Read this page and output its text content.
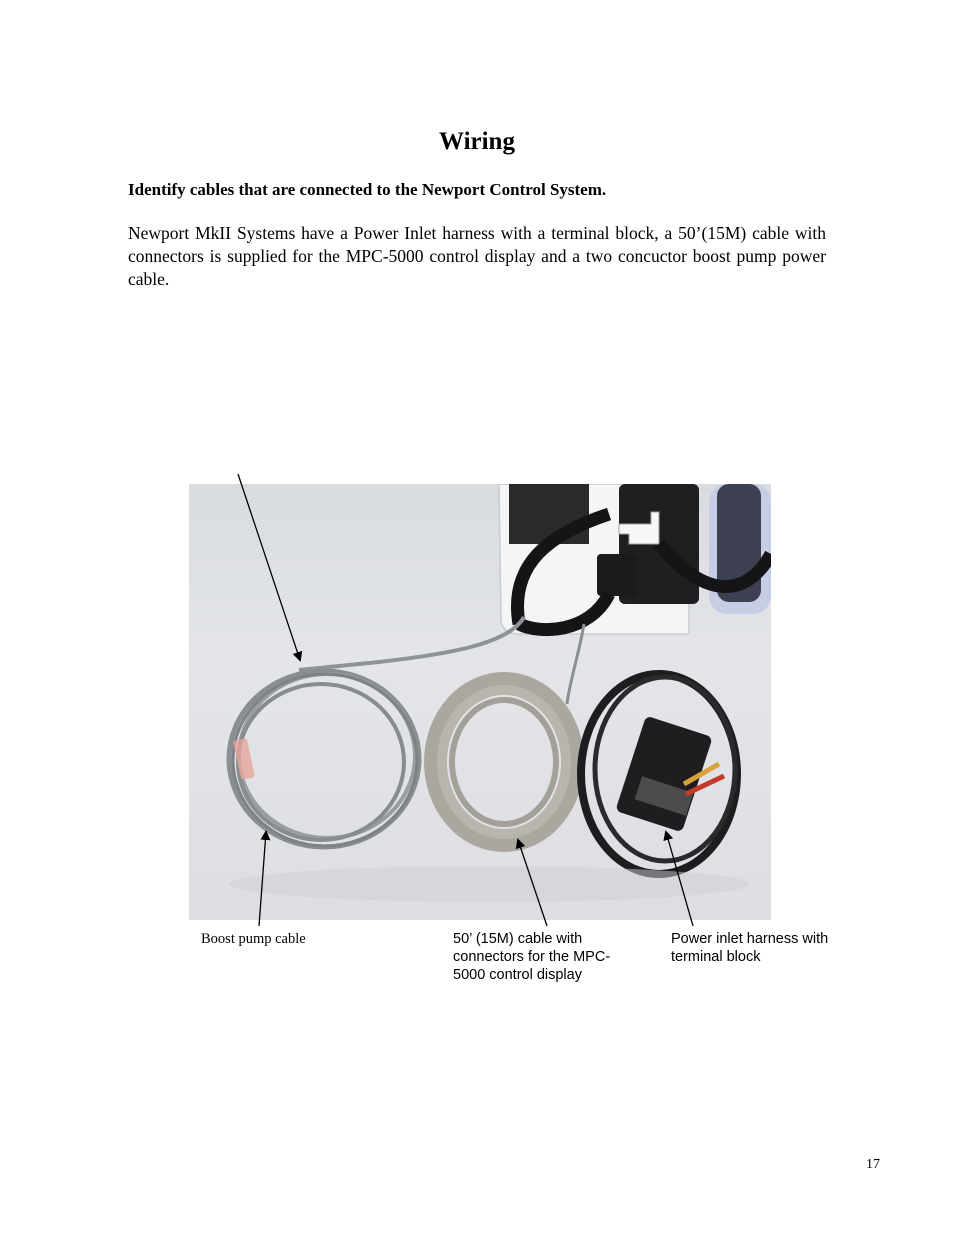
Wiring
Identify cables that are connected to the Newport Control System.
Newport MkII Systems have a Power Inlet harness with a terminal block, a 50’(15M) cable with connectors is supplied for the MPC-5000 control display and a two concuctor boost pump power cable.
Boost pump cable	50’ (15M) cable with
connectors for the MPC-
5000 control display
Power inlet harness with
terminal block
17
